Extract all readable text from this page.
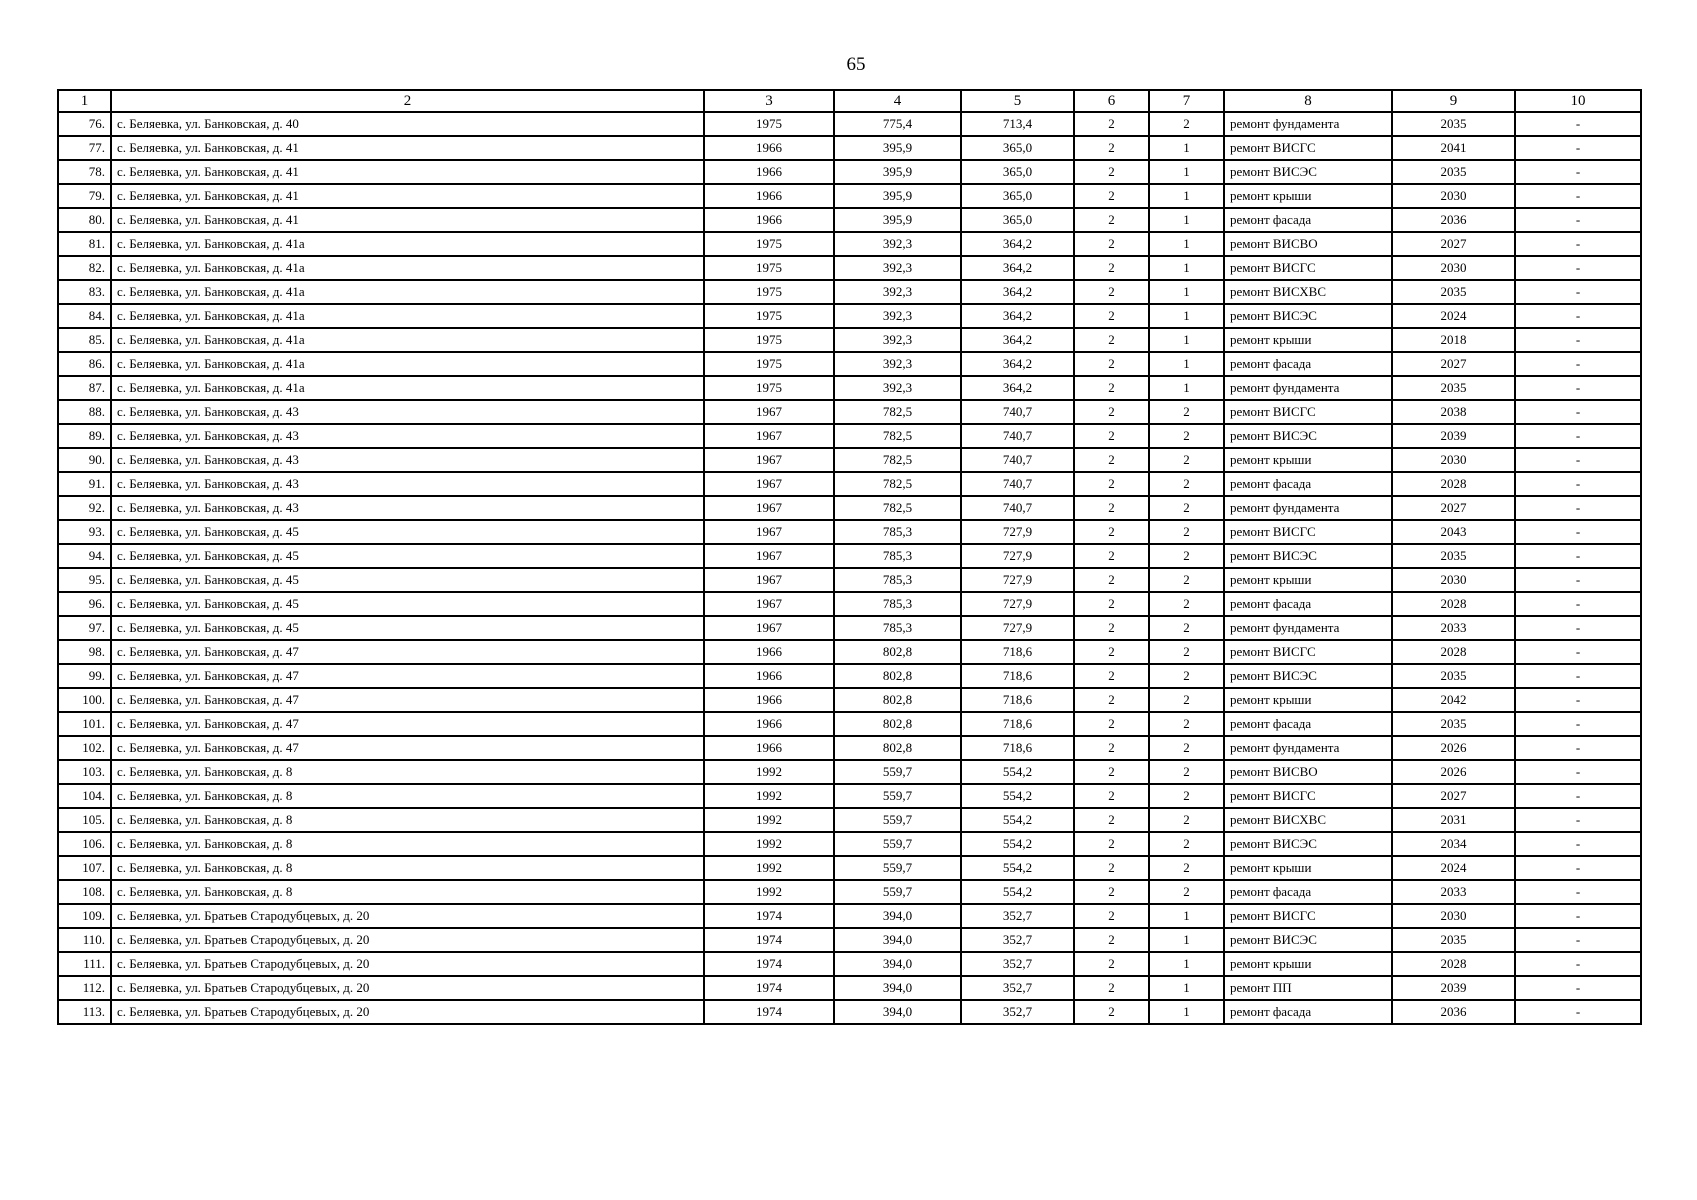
65
1	2	3	4	5	6	7	8	9	10
76.	с. Беляевка, ул. Банковская, д. 40	1975	775,4	713,4	2	2	ремонт фундамента	2035	-
77.	с. Беляевка, ул. Банковская, д. 41	1966	395,9	365,0	2	1	ремонт ВИСГС	2041	-
78.	с. Беляевка, ул. Банковская, д. 41	1966	395,9	365,0	2	1	ремонт ВИСЭС	2035	-
79.	с. Беляевка, ул. Банковская, д. 41	1966	395,9	365,0	2	1	ремонт крыши	2030	-
80.	с. Беляевка, ул. Банковская, д. 41	1966	395,9	365,0	2	1	ремонт фасада	2036	-
81.	с. Беляевка, ул. Банковская, д. 41а	1975	392,3	364,2	2	1	ремонт ВИСВО	2027	-
82.	с. Беляевка, ул. Банковская, д. 41а	1975	392,3	364,2	2	1	ремонт ВИСГС	2030	-
83.	с. Беляевка, ул. Банковская, д. 41а	1975	392,3	364,2	2	1	ремонт ВИСХВС	2035	-
84.	с. Беляевка, ул. Банковская, д. 41а	1975	392,3	364,2	2	1	ремонт ВИСЭС	2024	-
85.	с. Беляевка, ул. Банковская, д. 41а	1975	392,3	364,2	2	1	ремонт крыши	2018	-
86.	с. Беляевка, ул. Банковская, д. 41а	1975	392,3	364,2	2	1	ремонт фасада	2027	-
87.	с. Беляевка, ул. Банковская, д. 41а	1975	392,3	364,2	2	1	ремонт фундамента	2035	-
88.	с. Беляевка, ул. Банковская, д. 43	1967	782,5	740,7	2	2	ремонт ВИСГС	2038	-
89.	с. Беляевка, ул. Банковская, д. 43	1967	782,5	740,7	2	2	ремонт ВИСЭС	2039	-
90.	с. Беляевка, ул. Банковская, д. 43	1967	782,5	740,7	2	2	ремонт крыши	2030	-
91.	с. Беляевка, ул. Банковская, д. 43	1967	782,5	740,7	2	2	ремонт фасада	2028	-
92.	с. Беляевка, ул. Банковская, д. 43	1967	782,5	740,7	2	2	ремонт фундамента	2027	-
93.	с. Беляевка, ул. Банковская, д. 45	1967	785,3	727,9	2	2	ремонт ВИСГС	2043	-
94.	с. Беляевка, ул. Банковская, д. 45	1967	785,3	727,9	2	2	ремонт ВИСЭС	2035	-
95.	с. Беляевка, ул. Банковская, д. 45	1967	785,3	727,9	2	2	ремонт крыши	2030	-
96.	с. Беляевка, ул. Банковская, д. 45	1967	785,3	727,9	2	2	ремонт фасада	2028	-
97.	с. Беляевка, ул. Банковская, д. 45	1967	785,3	727,9	2	2	ремонт фундамента	2033	-
98.	с. Беляевка, ул. Банковская, д. 47	1966	802,8	718,6	2	2	ремонт ВИСГС	2028	-
99.	с. Беляевка, ул. Банковская, д. 47	1966	802,8	718,6	2	2	ремонт ВИСЭС	2035	-
100.	с. Беляевка, ул. Банковская, д. 47	1966	802,8	718,6	2	2	ремонт крыши	2042	-
101.	с. Беляевка, ул. Банковская, д. 47	1966	802,8	718,6	2	2	ремонт фасада	2035	-
102.	с. Беляевка, ул. Банковская, д. 47	1966	802,8	718,6	2	2	ремонт фундамента	2026	-
103.	с. Беляевка, ул. Банковская, д. 8	1992	559,7	554,2	2	2	ремонт ВИСВО	2026	-
104.	с. Беляевка, ул. Банковская, д. 8	1992	559,7	554,2	2	2	ремонт ВИСГС	2027	-
105.	с. Беляевка, ул. Банковская, д. 8	1992	559,7	554,2	2	2	ремонт ВИСХВС	2031	-
106.	с. Беляевка, ул. Банковская, д. 8	1992	559,7	554,2	2	2	ремонт ВИСЭС	2034	-
107.	с. Беляевка, ул. Банковская, д. 8	1992	559,7	554,2	2	2	ремонт крыши	2024	-
108.	с. Беляевка, ул. Банковская, д. 8	1992	559,7	554,2	2	2	ремонт фасада	2033	-
109.	с. Беляевка, ул. Братьев Стародубцевых, д. 20	1974	394,0	352,7	2	1	ремонт ВИСГС	2030	-
110.	с. Беляевка, ул. Братьев Стародубцевых, д. 20	1974	394,0	352,7	2	1	ремонт ВИСЭС	2035	-
111.	с. Беляевка, ул. Братьев Стародубцевых, д. 20	1974	394,0	352,7	2	1	ремонт крыши	2028	-
112.	с. Беляевка, ул. Братьев Стародубцевых, д. 20	1974	394,0	352,7	2	1	ремонт ПП	2039	-
113.	с. Беляевка, ул. Братьев Стародубцевых, д. 20	1974	394,0	352,7	2	1	ремонт фасада	2036	-
